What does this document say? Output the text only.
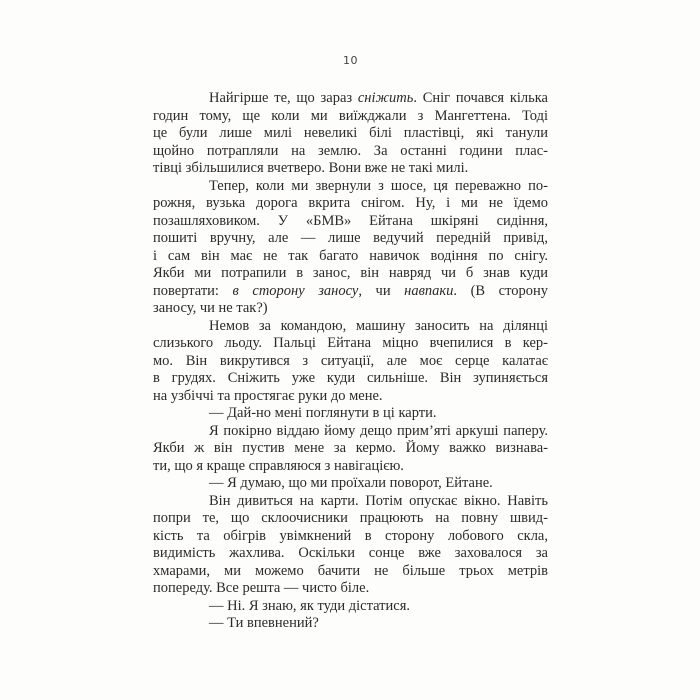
10
Найгірше те, що зараз сніжить. Сніг почався кілька
годин тому, ще коли ми виїжджали з Мангеттена. Тоді
це були лише милі невеликі білі пластівці, які танули
щойно потрапляли на землю. За останні години плас-
тівці збільшилися вчетверо. Вони вже не такі милі.
Тепер, коли ми звернули з шосе, ця переважно по-
рожня, вузька дорога вкрита снігом. Ну, і ми не їдемо
позашляховиком. У «БМВ» Ейтана шкіряні сидіння,
пошиті вручну, але — лише ведучий передній привід,
і сам він має не так багато навичок водіння по снігу.
Якби ми потрапили в занос, він навряд чи б знав куди
повертати: в сторону заносу, чи навпаки. (В сторону
заносу, чи не так?)
Немов за командою, машину заносить на ділянці
слизького льоду. Пальці Ейтана міцно вчепилися в кер-
мо. Він викрутився з ситуації, але моє серце калатає
в грудях. Сніжить уже куди сильніше. Він зупиняється
на узбіччі та простягає руки до мене.
— Дай-но мені поглянути в ці карти.
Я покірно віддаю йому дещо прим’яті аркуші паперу.
Якби ж він пустив мене за кермо. Йому важко визнава-
ти, що я краще справляюся з навігацією.
— Я думаю, що ми проїхали поворот, Ейтане.
Він дивиться на карти. Потім опускає вікно. Навіть
попри те, що склоочисники працюють на повну швид-
кість та обігрів увімкнений в сторону лобового скла,
видимість жахлива. Оскільки сонце вже заховалося за
хмарами, ми можемо бачити не більше трьох метрів
попереду. Все решта — чисто біле.
— Ні. Я знаю, як туди дістатися.
— Ти впевнений?
